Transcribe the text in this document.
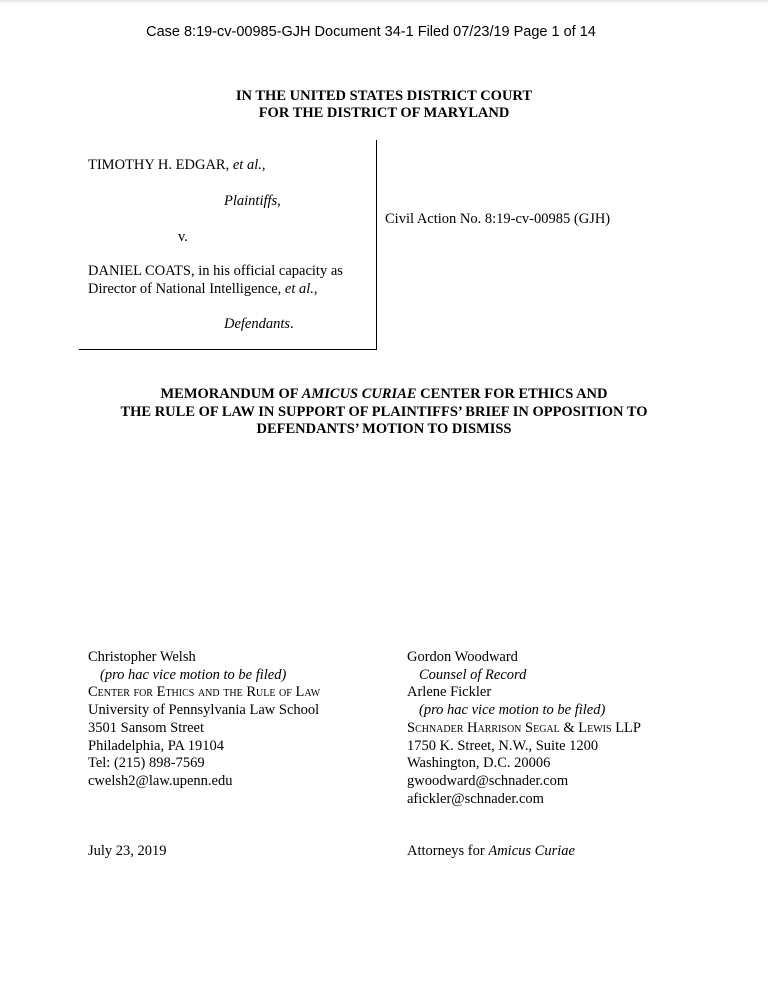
Case 8:19-cv-00985-GJH Document 34-1 Filed 07/23/19 Page 1 of 14
IN THE UNITED STATES DISTRICT COURT
FOR THE DISTRICT OF MARYLAND
TIMOTHY H. EDGAR, et al.,
Plaintiffs,
v.
DANIEL COATS, in his official capacity as
Director of National Intelligence, et al.,
Defendants.
Civil Action No. 8:19-cv-00985 (GJH)
MEMORANDUM OF AMICUS CURIAE CENTER FOR ETHICS AND
THE RULE OF LAW IN SUPPORT OF PLAINTIFFS’ BRIEF IN OPPOSITION TO
DEFENDANTS’ MOTION TO DISMISS
Christopher Welsh
(pro hac vice motion to be filed)
Center for Ethics and the Rule of Law
University of Pennsylvania Law School
3501 Sansom Street
Philadelphia, PA 19104
Tel: (215) 898-7569
cwelsh2@law.upenn.edu
Gordon Woodward
Counsel of Record
Arlene Fickler
(pro hac vice motion to be filed)
Schnader Harrison Segal & Lewis LLP
1750 K. Street, N.W., Suite 1200
Washington, D.C. 20006
gwoodward@schnader.com
afickler@schnader.com
July 23, 2019	Attorneys for Amicus Curiae
